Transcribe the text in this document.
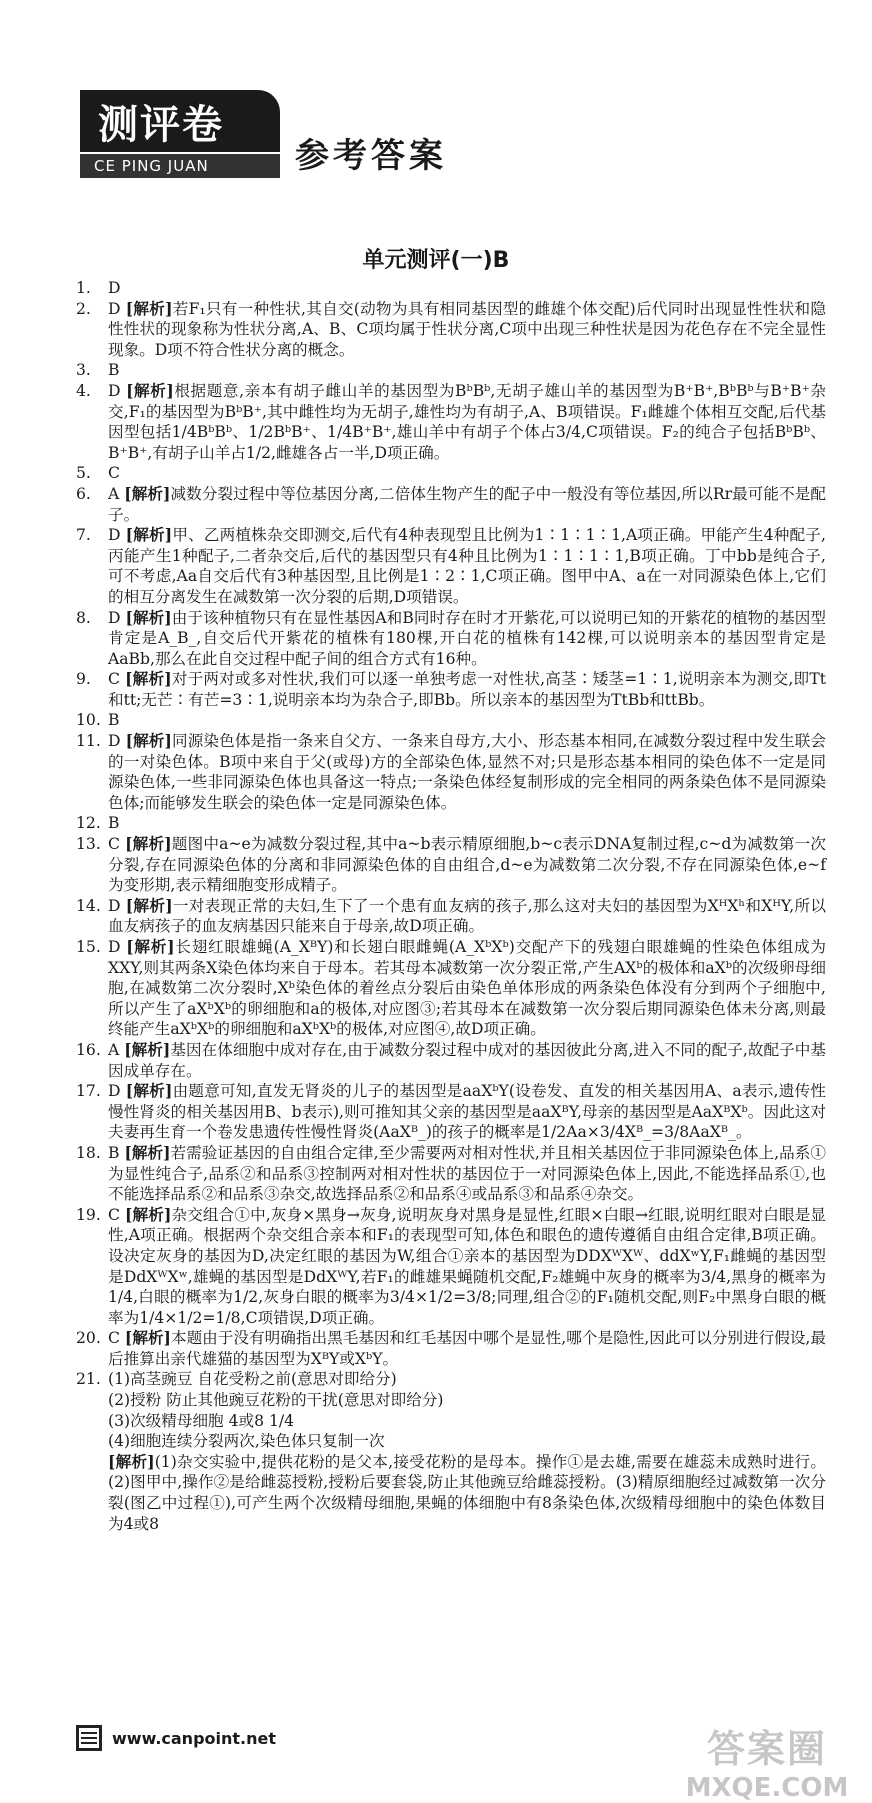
测评卷
CE PING JUAN	参考答案
单元测评(一)B
1.	D
2.	D [解析]若F₁只有一种性状,其自交(动物为具有相同基因型的雌雄个体交配)后代同时出现显性性状和隐性性状的现象称为性状分离,A、B、C项均属于性状分离,C项中出现三种性状是因为花色存在不完全显性现象。D项不符合性状分离的概念。
3.	B
4.	D [解析]根据题意,亲本有胡子雌山羊的基因型为BᵇBᵇ,无胡子雄山羊的基因型为B⁺B⁺,BᵇBᵇ与B⁺B⁺杂交,F₁的基因型为BᵇB⁺,其中雌性均为无胡子,雄性均为有胡子,A、B项错误。F₁雌雄个体相互交配,后代基因型包括1/4BᵇBᵇ、1/2BᵇB⁺、1/4B⁺B⁺,雄山羊中有胡子个体占3/4,C项错误。F₂的纯合子包括BᵇBᵇ、B⁺B⁺,有胡子山羊占1/2,雌雄各占一半,D项正确。
5.	C
6.	A [解析]减数分裂过程中等位基因分离,二倍体生物产生的配子中一般没有等位基因,所以Rr最可能不是配子。
7.	D [解析]甲、乙两植株杂交即测交,后代有4种表现型且比例为1∶1∶1∶1,A项正确。甲能产生4种配子,丙能产生1种配子,二者杂交后,后代的基因型只有4种且比例为1∶1∶1∶1,B项正确。丁中bb是纯合子,可不考虑,Aa自交后代有3种基因型,且比例是1∶2∶1,C项正确。图甲中A、a在一对同源染色体上,它们的相互分离发生在减数第一次分裂的后期,D项错误。
8.	D [解析]由于该种植物只有在显性基因A和B同时存在时才开紫花,可以说明已知的开紫花的植物的基因型肯定是A_B_,自交后代开紫花的植株有180棵,开白花的植株有142棵,可以说明亲本的基因型肯定是AaBb,那么在此自交过程中配子间的组合方式有16种。
9.	C [解析]对于两对或多对性状,我们可以逐一单独考虑一对性状,高茎∶矮茎=1∶1,说明亲本为测交,即Tt和tt;无芒∶有芒=3∶1,说明亲本均为杂合子,即Bb。所以亲本的基因型为TtBb和ttBb。
10. B
11. D [解析]同源染色体是指一条来自父方、一条来自母方,大小、形态基本相同,在减数分裂过程中发生联会的一对染色体。B项中来自于父(或母)方的全部染色体,显然不对;只是形态基本相同的染色体不一定是同源染色体,一些非同源染色体也具备这一特点;一条染色体经复制形成的完全相同的两条染色体不是同源染色体;而能够发生联会的染色体一定是同源染色体。
12. B
13. C [解析]题图中a~e为减数分裂过程,其中a~b表示精原细胞,b~c表示DNA复制过程,c~d为减数第一次分裂,存在同源染色体的分离和非同源染色体的自由组合,d~e为减数第二次分裂,不存在同源染色体,e~f为变形期,表示精细胞变形成精子。
14. D [解析]一对表现正常的夫妇,生下了一个患有血友病的孩子,那么这对夫妇的基因型为XᴴXʰ和XᴴY,所以血友病孩子的血友病基因只能来自于母亲,故D项正确。
15. D [解析]长翅红眼雄蝇(A_XᴮY)和长翅白眼雌蝇(A_XᵇXᵇ)交配产下的残翅白眼雄蝇的性染色体组成为XXY,则其两条X染色体均来自于母本。若其母本减数第一次分裂正常,产生AXᵇ的极体和aXᵇ的次级卵母细胞,在减数第二次分裂时,Xᵇ染色体的着丝点分裂后由染色单体形成的两条染色体没有分到两个子细胞中,所以产生了aXᵇXᵇ的卵细胞和a的极体,对应图③;若其母本在减数第一次分裂后期同源染色体未分离,则最终能产生aXᵇXᵇ的卵细胞和aXᵇXᵇ的极体,对应图④,故D项正确。
16. A [解析]基因在体细胞中成对存在,由于减数分裂过程中成对的基因彼此分离,进入不同的配子,故配子中基因成单存在。
17. D [解析]由题意可知,直发无肾炎的儿子的基因型是aaXᵇY(设卷发、直发的相关基因用A、a表示,遗传性慢性肾炎的相关基因用B、b表示),则可推知其父亲的基因型是aaXᴮY,母亲的基因型是AaXᴮXᵇ。因此这对夫妻再生育一个卷发患遗传性慢性肾炎(AaXᴮ_)的孩子的概率是1/2Aa×3/4Xᴮ_=3/8AaXᴮ_。
18. B [解析]若需验证基因的自由组合定律,至少需要两对相对性状,并且相关基因位于非同源染色体上,品系①为显性纯合子,品系②和品系③控制两对相对性状的基因位于一对同源染色体上,因此,不能选择品系①,也不能选择品系②和品系③杂交,故选择品系②和品系④或品系③和品系④杂交。
19. C [解析]杂交组合①中,灰身×黑身→灰身,说明灰身对黑身是显性,红眼×白眼→红眼,说明红眼对白眼是显性,A项正确。根据两个杂交组合亲本和F₁的表现型可知,体色和眼色的遗传遵循自由组合定律,B项正确。设决定灰身的基因为D,决定红眼的基因为W,组合①亲本的基因型为DDXᵂXᵂ、ddXʷY,F₁雌蝇的基因型是DdXᵂXʷ,雄蝇的基因型是DdXᵂY,若F₁的雌雄果蝇随机交配,F₂雄蝇中灰身的概率为3/4,黑身的概率为1/4,白眼的概率为1/2,灰身白眼的概率为3/4×1/2=3/8;同理,组合②的F₁随机交配,则F₂中黑身白眼的概率为1/4×1/2=1/8,C项错误,D项正确。
20. C [解析]本题由于没有明确指出黑毛基因和红毛基因中哪个是显性,哪个是隐性,因此可以分别进行假设,最后推算出亲代雄猫的基因型为XᴮY或XᵇY。
21. (1)高茎豌豆 自花受粉之前(意思对即给分)
(2)授粉 防止其他豌豆花粉的干扰(意思对即给分)
(3)次级精母细胞 4或8 1/4
(4)细胞连续分裂两次,染色体只复制一次
[解析](1)杂交实验中,提供花粉的是父本,接受花粉的是母本。操作①是去雄,需要在雄蕊未成熟时进行。(2)图甲中,操作②是给雌蕊授粉,授粉后要套袋,防止其他豌豆给雌蕊授粉。(3)精原细胞经过减数第一次分裂(图乙中过程①),可产生两个次级精母细胞,果蝇的体细胞中有8条染色体,次级精母细胞中的染色体数目为4或8
www.canpoint.net	答案圈
MXQE.COM
